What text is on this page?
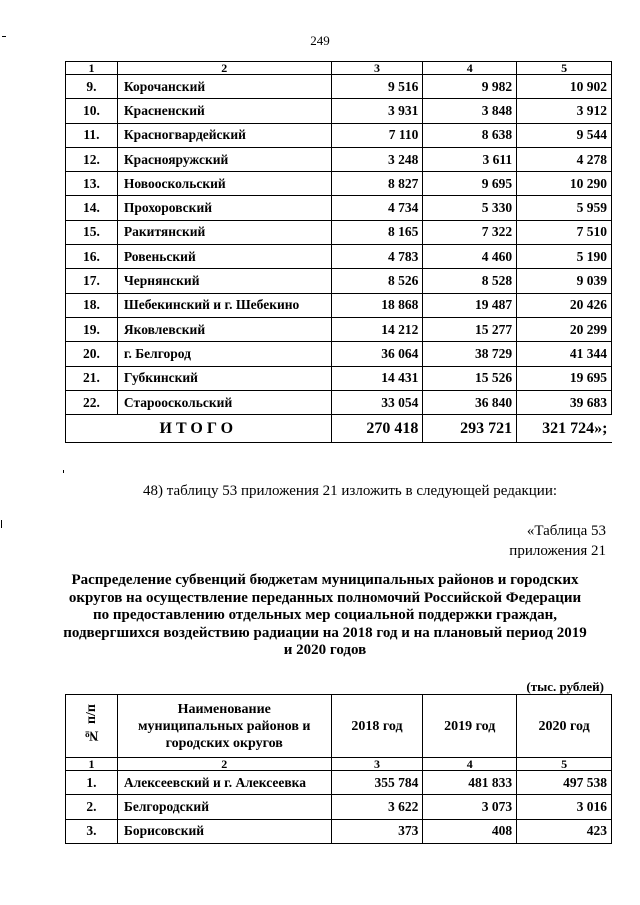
249
1	2	3	4	5
9.	Корочанский	9 516	9 982	10 902
10.	Красненский	3 931	3 848	3 912
11.	Красногвардейский	7 110	8 638	9 544
12.	Краснояружский	3 248	3 611	4 278
13.	Новооскольский	8 827	9 695	10 290
14.	Прохоровский	4 734	5 330	5 959
15.	Ракитянский	8 165	7 322	7 510
16.	Ровеньский	4 783	4 460	5 190
17.	Чернянский	8 526	8 528	9 039
18.	Шебекинский и г. Шебекино	18 868	19 487	20 426
19.	Яковлевский	14 212	15 277	20 299
20.	г. Белгород	36 064	38 729	41 344
21.	Губкинский	14 431	15 526	19 695
22.	Старооскольский	33 054	36 840	39 683
ИТОГО		270 418	293 721	321 724»;
48) таблицу 53 приложения 21 изложить в следующей редакции:
«Таблица 53
приложения 21
Распределение субвенций бюджетам муниципальных районов и городских
округов на осуществление переданных полномочий Российской Федерации
по предоставлению отдельных мер социальной поддержки граждан,
подвергшихся воздействию радиации на 2018 год и на плановый период 2019
и 2020 годов
(тыс. рублей)
№ п/п	Наименование
муниципальных районов и
городских округов	2018 год	2019 год	2020 год
1	2	3	4	5
1.	Алексеевский и г. Алексеевка	355 784	481 833	497 538
2.	Белгородский	3 622	3 073	3 016
3.	Борисовский	373	408	423
